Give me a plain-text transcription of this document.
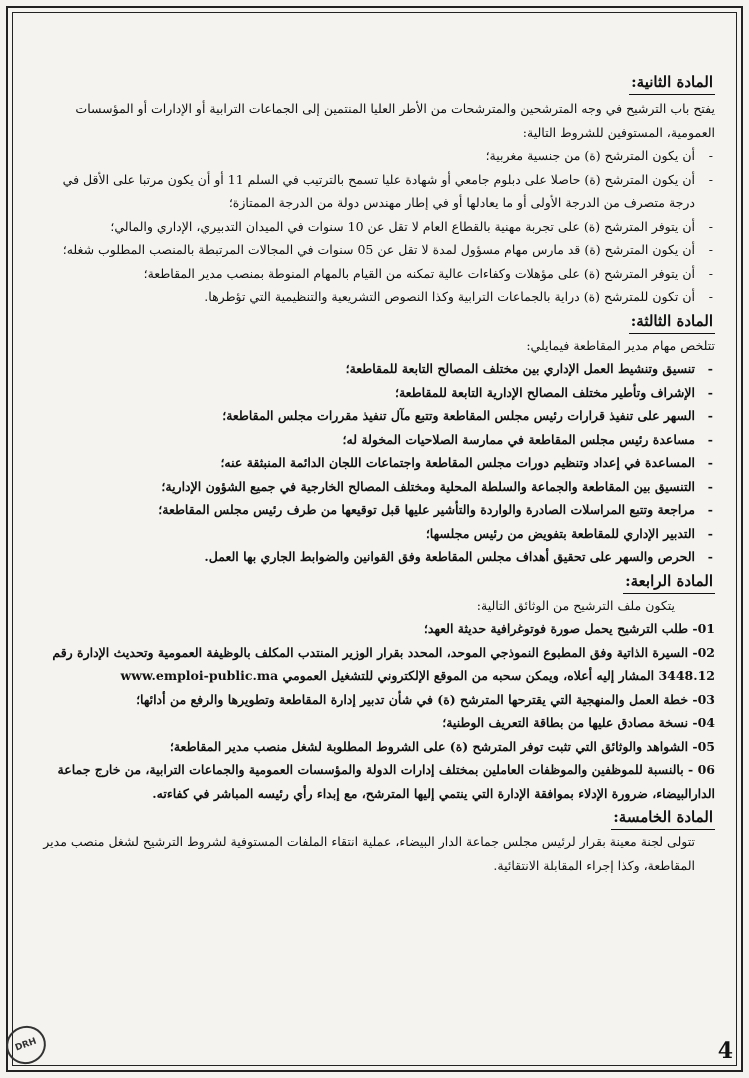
المادة الثانية:

يفتح باب الترشيح في وجه المترشحين والمترشحات من الأطر العليا المنتمين إلى الجماعات الترابية أو الإدارات أو المؤسسات العمومية، المستوفين للشروط التالية:

- أن يكون المترشح (ة) من جنسية مغربية؛
- أن يكون المترشح (ة) حاصلا على دبلوم جامعي أو شهادة عليا تسمح بالترتيب في السلم 11 أو أن يكون مرتبا على الأقل في درجة متصرف من الدرجة الأولى أو ما يعادلها أو في إطار مهندس دولة من الدرجة الممتازة؛
- أن يتوفر المترشح (ة) على تجربة مهنية بالقطاع العام لا تقل عن 10 سنوات في الميدان التدبيري، الإداري والمالي؛
- أن يكون المترشح (ة) قد مارس مهام مسؤول لمدة لا تقل عن 05 سنوات في المجالات المرتبطة بالمنصب المطلوب شغله؛
- أن يتوفر المترشح (ة) على مؤهلات وكفاءات عالية تمكنه من القيام بالمهام المنوطة بمنصب مدير المقاطعة؛
- أن تكون للمترشح (ة) دراية بالجماعات الترابية وكذا النصوص التشريعية والتنظيمية التي تؤطرها.
المادة الثالثة:

تتلخص مهام مدير المقاطعة فيمايلي:

- تنسيق وتنشيط العمل الإداري بين مختلف المصالح التابعة للمقاطعة؛
- الإشراف وتأطير مختلف المصالح الإدارية التابعة للمقاطعة؛
- السهر على تنفيذ قرارات رئيس مجلس المقاطعة وتتبع مآل تنفيذ مقررات مجلس المقاطعة؛
- مساعدة رئيس مجلس المقاطعة في ممارسة الصلاحيات المخولة له؛
- المساعدة في إعداد وتنظيم دورات مجلس المقاطعة واجتماعات اللجان الدائمة المنبثقة عنه؛
- التنسيق بين المقاطعة والجماعة والسلطة المحلية ومختلف المصالح الخارجية في جميع الشؤون الإدارية؛
- مراجعة وتتبع المراسلات الصادرة والواردة والتأشير عليها قبل توقيعها من طرف رئيس مجلس المقاطعة؛
- التدبير الإداري للمقاطعة بتفويض من رئيس مجلسها؛
- الحرص والسهر على تحقيق أهداف مجلس المقاطعة وفق القوانين والضوابط الجاري بها العمل.
المادة الرابعة:

يتكون ملف الترشيح من الوثائق التالية:

01- طلب الترشيح يحمل صورة فوتوغرافية حديثة العهد؛

02- السيرة الذاتية وفق المطبوع النموذجي الموحد، المحدد بقرار الوزير المنتدب المكلف بالوظيفة العمومية وتحديث الإدارة رقم 3448.12 المشار إليه أعلاه، ويمكن سحبه من الموقع الإلكتروني للتشغيل العمومي www.emploi-public.ma

03- خطة العمل والمنهجية التي يقترحها المترشح (ة) في شأن تدبير إدارة المقاطعة وتطويرها والرفع من أدائها؛

04- نسخة مصادق عليها من بطاقة التعريف الوطنية؛

05- الشواهد والوثائق التي تثبت توفر المترشح (ة) على الشروط المطلوبة لشغل منصب مدير المقاطعة؛

06 - بالنسبة للموظفين والموظفات العاملين بمختلف إدارات الدولة والمؤسسات العمومية والجماعات الترابية، من خارج جماعة الدارالبيضاء، ضرورة الإدلاء بموافقة الإدارة التي ينتمي إليها المترشح، مع إبداء رأي رئيسه المباشر في كفاءته.

المادة الخامسة:

تتولى لجنة معينة بقرار لرئيس مجلس جماعة الدار البيضاء، عملية انتقاء الملفات المستوفية لشروط الترشيح لشغل منصب مدير المقاطعة، وكذا إجراء المقابلة الانتقائية.

DRH	4
